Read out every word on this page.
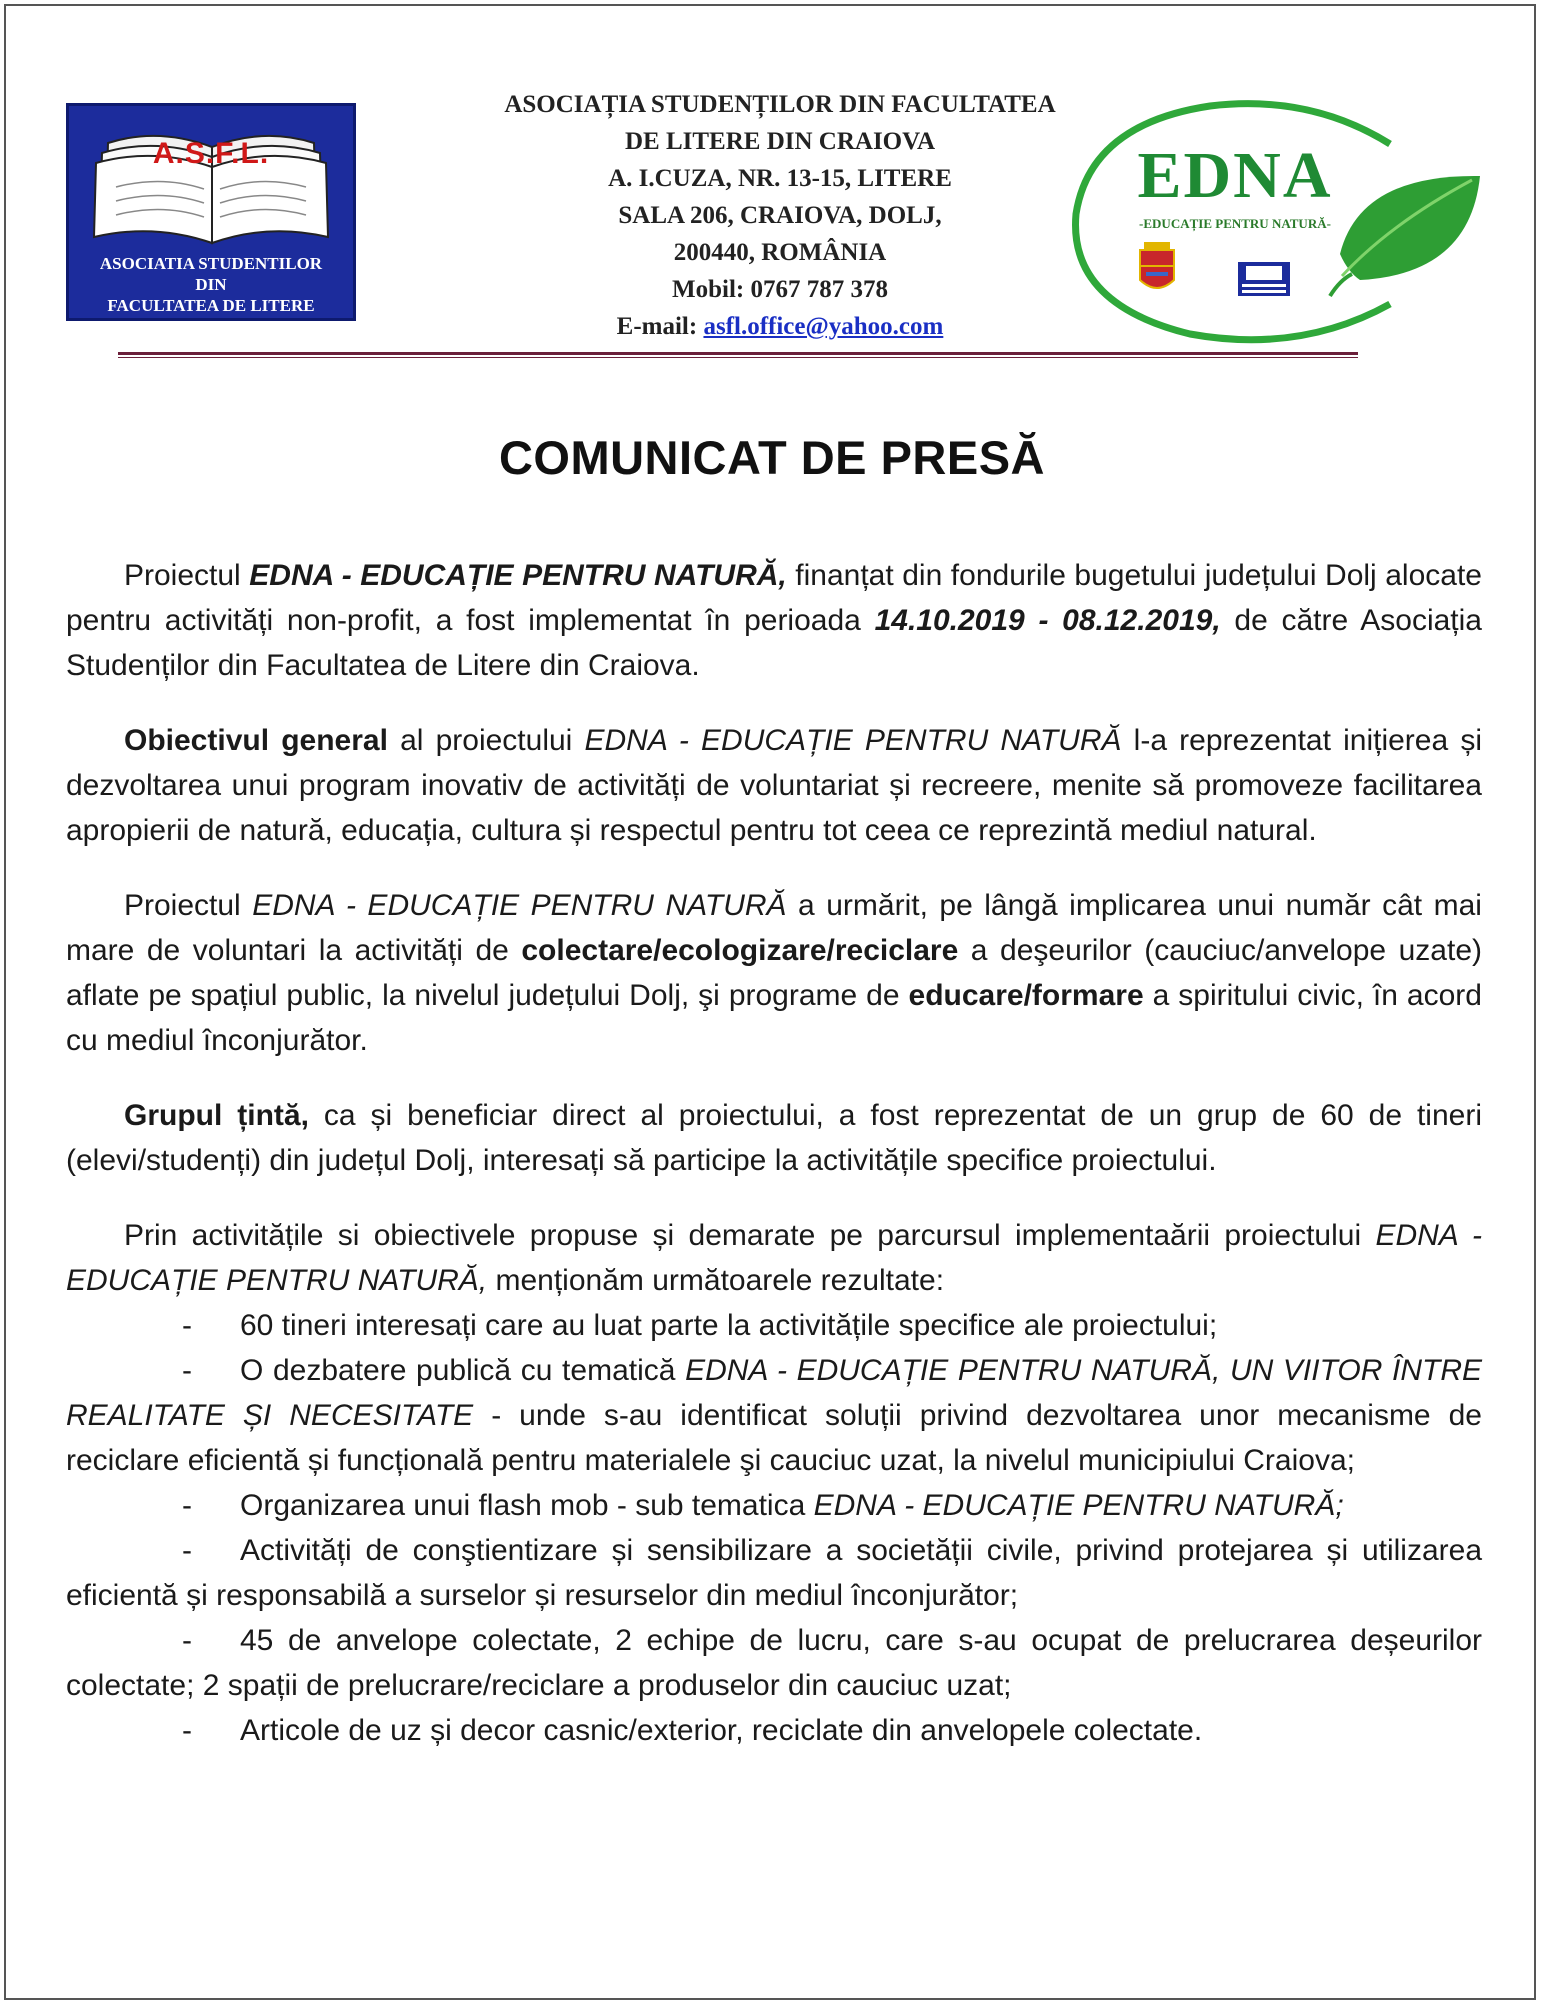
A.S.F.L.
ASOCIATIA STUDENTILOR
DIN
FACULTATEA DE LITERE
ASOCIAȚIA STUDENȚILOR DIN FACULTATEA
DE LITERE DIN CRAIOVA
A. I.CUZA, NR. 13-15, LITERE
SALA 206, CRAIOVA, DOLJ,
200440, ROMÂNIA
Mobil: 0767 787 378
E-mail: asfl.office@yahoo.com
EDNA
-EDUCAȚIE PENTRU NATURĂ-
COMUNICAT DE PRESĂ

Proiectul EDNA - EDUCAȚIE PENTRU NATURĂ, finanțat din fondurile bugetului județului Dolj alocate pentru activități non-profit, a fost implementat în perioada 14.10.2019 - 08.12.2019, de către Asociația Studenților din Facultatea de Litere din Craiova.

Obiectivul general al proiectului EDNA - EDUCAȚIE PENTRU NATURĂ l-a reprezentat inițierea și dezvoltarea unui program inovativ de activități de voluntariat și recreere, menite să promoveze facilitarea apropierii de natură, educația, cultura și respectul pentru tot ceea ce reprezintă mediul natural.

Proiectul EDNA - EDUCAȚIE PENTRU NATURĂ a urmărit, pe lângă implicarea unui număr cât mai mare de voluntari la activități de colectare/ecologizare/reciclare a deşeurilor (cauciuc/anvelope uzate) aflate pe spațiul public, la nivelul județului Dolj, şi programe de educare/formare a spiritului civic, în acord cu mediul înconjurător.

Grupul țintă, ca și beneficiar direct al proiectului, a fost reprezentat de un grup de 60 de tineri (elevi/studenți) din județul Dolj, interesați să participe la activitățile specifice proiectului.

Prin activitățile si obiectivele propuse și demarate pe parcursul implementaării proiectului EDNA - EDUCAȚIE PENTRU NATURĂ, menționăm următoarele rezultate:

- 60 tineri interesați care au luat parte la activitățile specifice ale proiectului;

- O dezbatere publică cu tematică EDNA - EDUCAȚIE PENTRU NATURĂ, UN VIITOR ÎNTRE REALITATE ȘI NECESITATE - unde s-au identificat soluții privind dezvoltarea unor mecanisme de reciclare eficientă și funcțională pentru materialele şi cauciuc uzat, la nivelul municipiului Craiova;

- Organizarea unui flash mob - sub tematica EDNA - EDUCAȚIE PENTRU NATURĂ;

- Activități de conştientizare și sensibilizare a societății civile, privind protejarea și utilizarea eficientă și responsabilă a surselor și resurselor din mediul înconjurător;

- 45 de anvelope colectate, 2 echipe de lucru, care s-au ocupat de prelucrarea deșeurilor colectate; 2 spații de prelucrare/reciclare a produselor din cauciuc uzat;

- Articole de uz și decor casnic/exterior, reciclate din anvelopele colectate.
